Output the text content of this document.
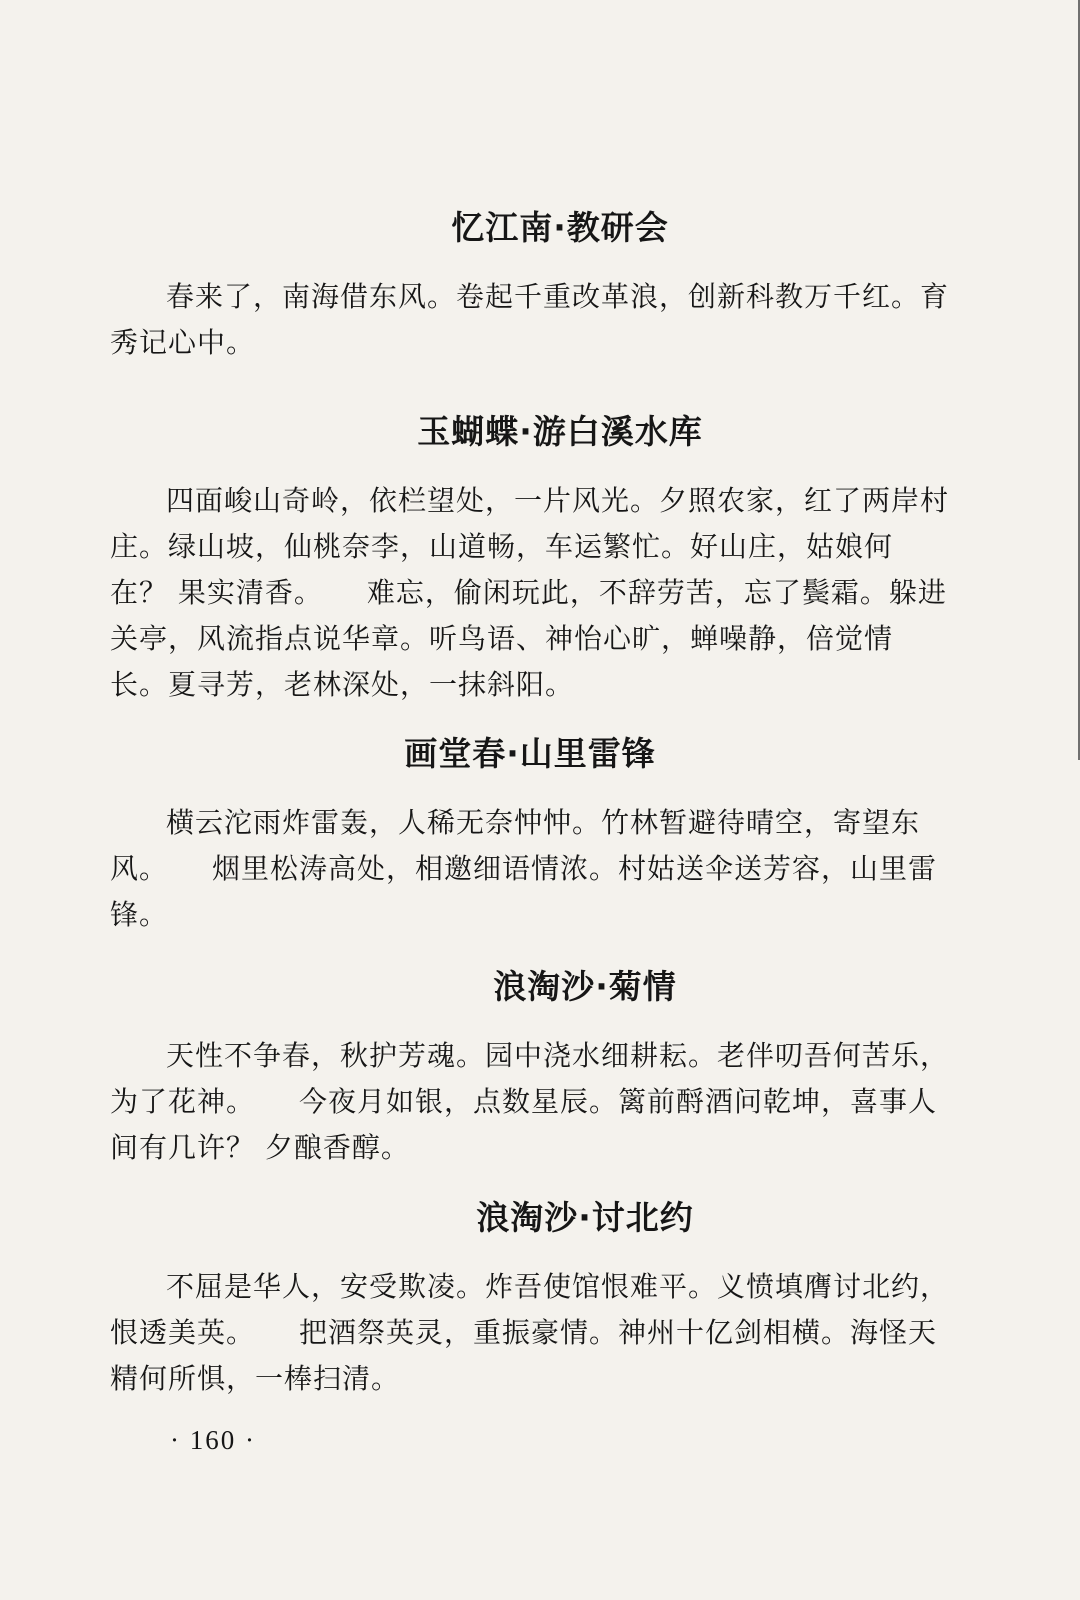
忆江南·教研会

春来了，南海借东风。卷起千重改革浪，创新科教万千红。育秀记心中。

玉蝴蝶·游白溪水库

四面峻山奇岭，依栏望处，一片风光。夕照农家，红了两岸村庄。绿山坡，仙桃奈李，山道畅，车运繁忙。好山庄，姑娘何在？ 果实清香。　　难忘，偷闲玩此，不辞劳苦，忘了鬓霜。躲进关亭，风流指点说华章。听鸟语、神怡心旷，蝉噪静，倍觉情长。夏寻芳，老林深处，一抹斜阳。

画堂春·山里雷锋

横云沱雨炸雷轰，人稀无奈忡忡。竹林暂避待晴空，寄望东风。　　烟里松涛高处，相邀细语情浓。村姑送伞送芳容，山里雷锋。

浪淘沙·菊情

天性不争春，秋护芳魂。园中浇水细耕耘。老伴叨吾何苦乐，为了花神。　　今夜月如银，点数星辰。篱前酹酒问乾坤，喜事人间有几许？ 夕酿香醇。

浪淘沙·讨北约

不屈是华人，安受欺凌。炸吾使馆恨难平。义愤填膺讨北约，恨透美英。　　把酒祭英灵，重振豪情。神州十亿剑相横。海怪天精何所惧，一棒扫清。

· 160 ·
